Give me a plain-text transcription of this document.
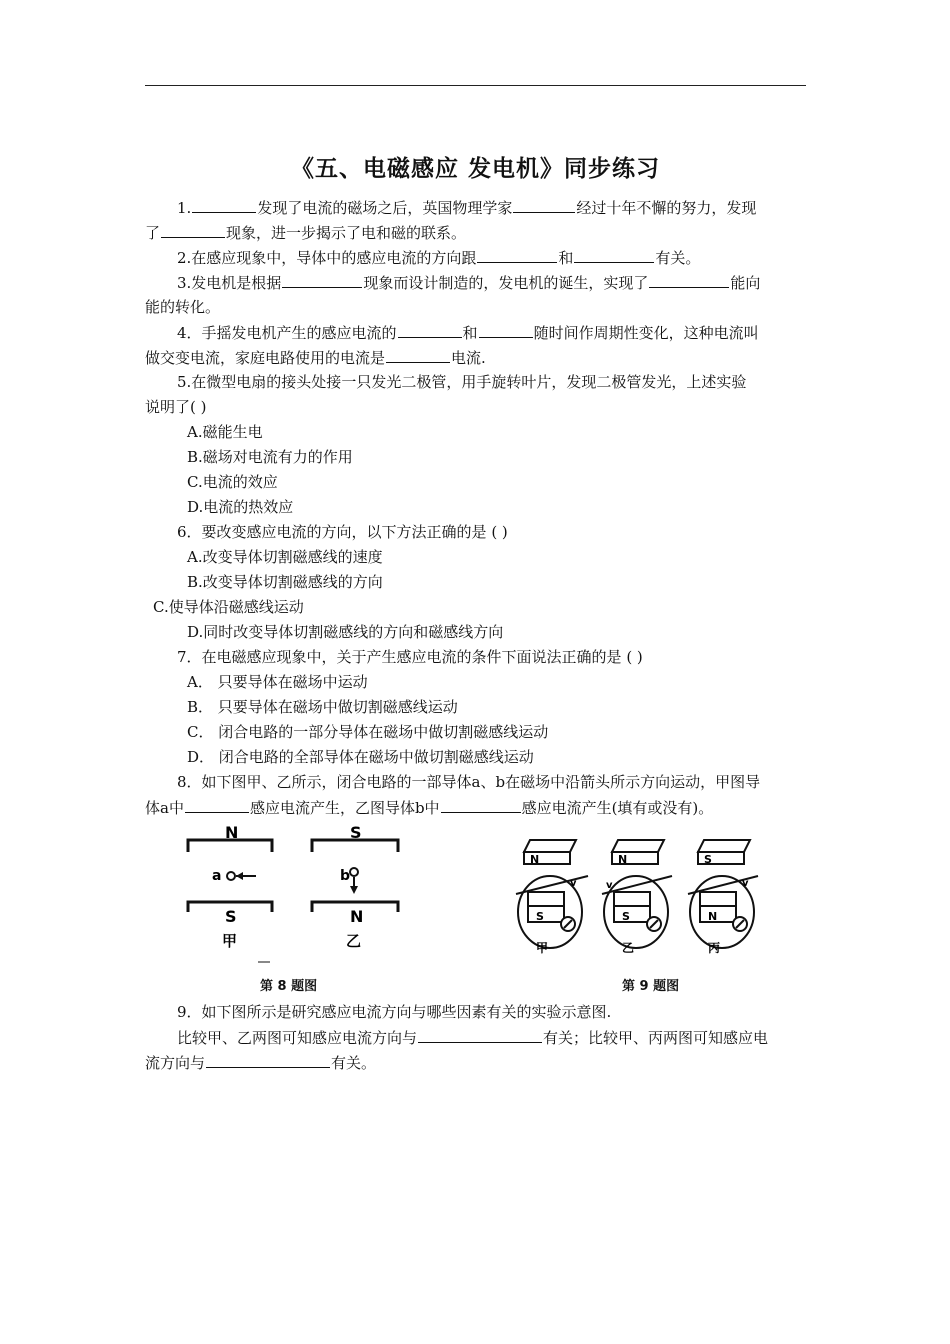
《五、电磁感应 发电机》同步练习
1.	发现了电流的磁场之后，英国物理学家	经过十年不懈的努力，发现
了	现象，进一步揭示了电和磁的联系。
2.在感应现象中，导体中的感应电流的方向跟	和	有关。
3.发电机是根据	现象而设计制造的，发电机的诞生，实现了	能向
能的转化。
4．手摇发电机产生的感应电流的	和	随时间作周期性变化，这种电流叫
做交变电流，家庭电路使用的电流是	电流.
5.在微型电扇的接头处接一只发光二极管，用手旋转叶片，发现二极管发光，上述实验
说明了( )
A.磁能生电
B.磁场对电流有力的作用
C.电流的效应
D.电流的热效应
6．要改变感应电流的方向，以下方法正确的是 ( )
A.改变导体切割磁感线的速度
B.改变导体切割磁感线的方向
C.使导体沿磁感线运动
D.同时改变导体切割磁感线的方向和磁感线方向
7．在电磁感应现象中，关于产生感应电流的条件下面说法正确的是 ( )
A． 只要导体在磁场中运动
B． 只要导体在磁场中做切割磁感线运动
C． 闭合电路的一部分导体在磁场中做切割磁感线运动
D． 闭合电路的全部导体在磁场中做切割磁感线运动
8．如下图甲、乙所示，闭合电路的一部导体a、b在磁场中沿箭头所示方向运动，甲图导
体a中	感应电流产生，乙图导体b中	感应电流产生(填有或没有)。
N
S
S
N
a	b
甲	乙
第 8 题图
N
S
v
甲
N
S
v
乙
S
N
v
丙
第 9 题图
9．如下图所示是研究感应电流方向与哪些因素有关的实验示意图.
比较甲、乙两图可知感应电流方向与	有关；比较甲、丙两图可知感应电
流方向与	有关。
